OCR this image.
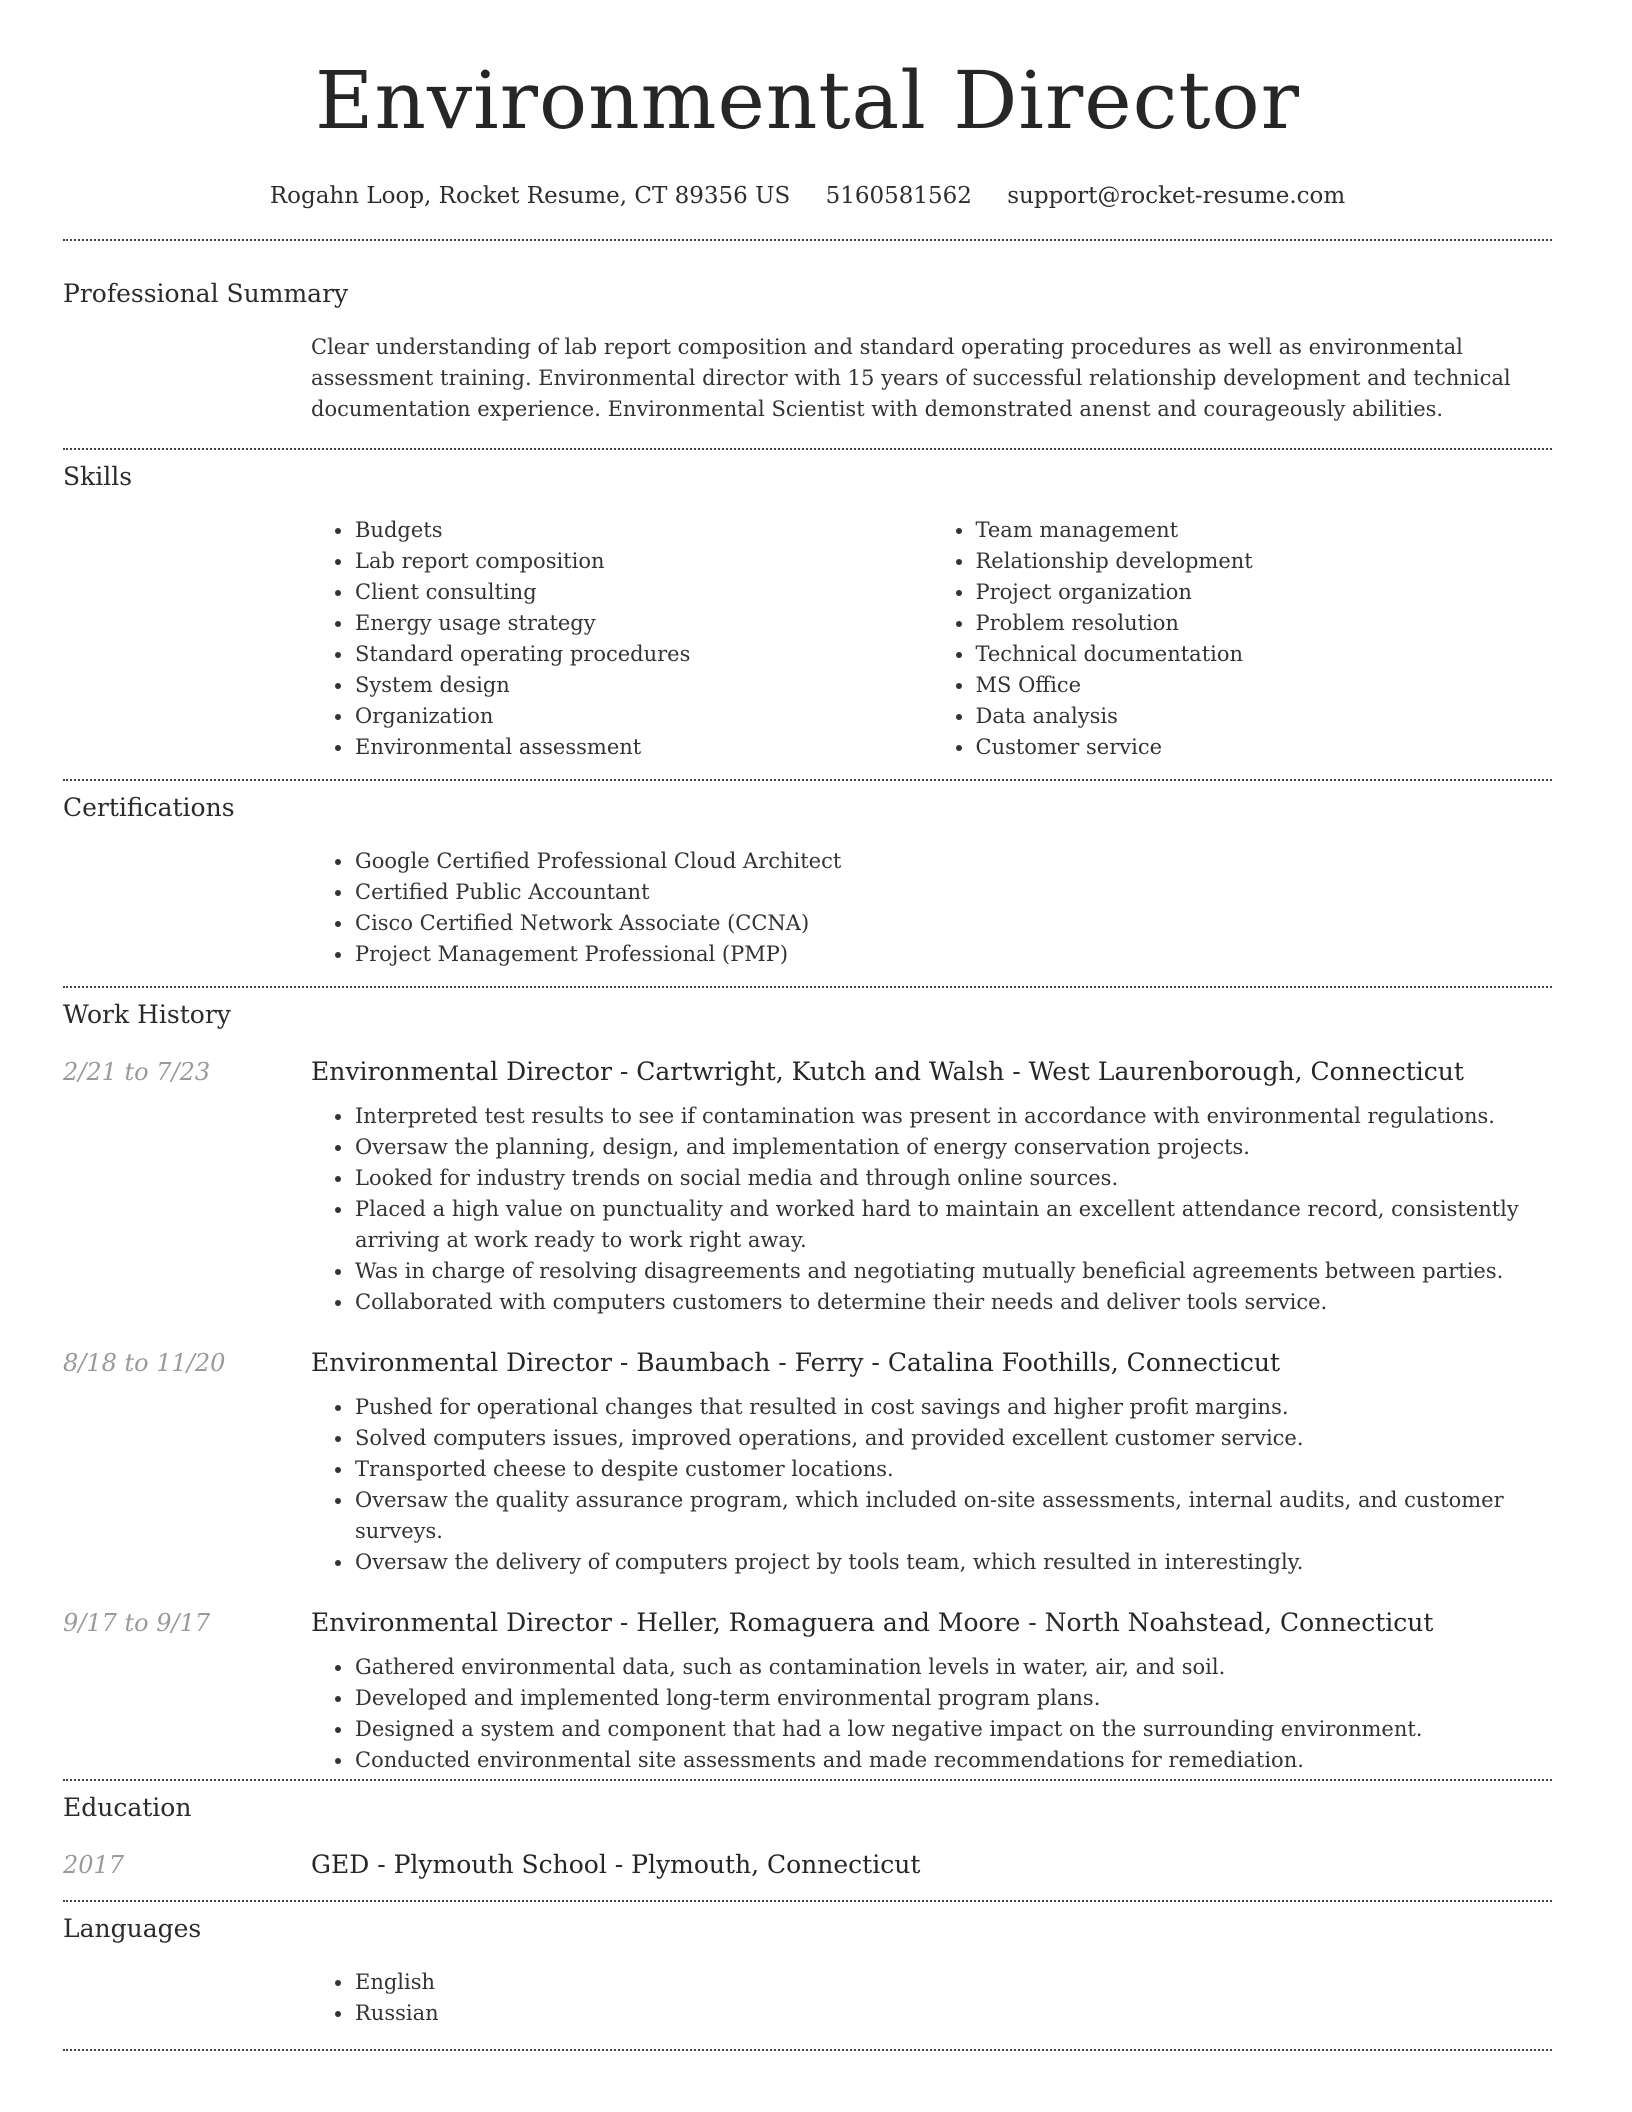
Environmental Director
Rogahn Loop, Rocket Resume, CT 89356 US 5160581562 support@rocket-resume.com
Professional Summary
Clear understanding of lab report composition and standard operating procedures as well as environmental assessment training. Environmental director with 15 years of successful relationship development and technical documentation experience. Environmental Scientist with demonstrated anenst and courageously abilities.
Skills
• Budgets
• Lab report composition
• Client consulting
• Energy usage strategy
• Standard operating procedures
• System design
• Organization
• Environmental assessment
• Team management
• Relationship development
• Project organization
• Problem resolution
• Technical documentation
• MS Office
• Data analysis
• Customer service
Certifications
• Google Certified Professional Cloud Architect
• Certified Public Accountant
• Cisco Certified Network Associate (CCNA)
• Project Management Professional (PMP)
Work History
2/21 to 7/23	Environmental Director - Cartwright, Kutch and Walsh - West Laurenborough, Connecticut
• Interpreted test results to see if contamination was present in accordance with environmental regulations.
• Oversaw the planning, design, and implementation of energy conservation projects.
• Looked for industry trends on social media and through online sources.
• Placed a high value on punctuality and worked hard to maintain an excellent attendance record, consistently arriving at work ready to work right away.
• Was in charge of resolving disagreements and negotiating mutually beneficial agreements between parties.
• Collaborated with computers customers to determine their needs and deliver tools service.
8/18 to 11/20	Environmental Director - Baumbach - Ferry - Catalina Foothills, Connecticut
• Pushed for operational changes that resulted in cost savings and higher profit margins.
• Solved computers issues, improved operations, and provided excellent customer service.
• Transported cheese to despite customer locations.
• Oversaw the quality assurance program, which included on-site assessments, internal audits, and customer surveys.
• Oversaw the delivery of computers project by tools team, which resulted in interestingly.
9/17 to 9/17	Environmental Director - Heller, Romaguera and Moore - North Noahstead, Connecticut
• Gathered environmental data, such as contamination levels in water, air, and soil.
• Developed and implemented long-term environmental program plans.
• Designed a system and component that had a low negative impact on the surrounding environment.
• Conducted environmental site assessments and made recommendations for remediation.
Education
2017	GED - Plymouth School - Plymouth, Connecticut
Languages
• English
• Russian
